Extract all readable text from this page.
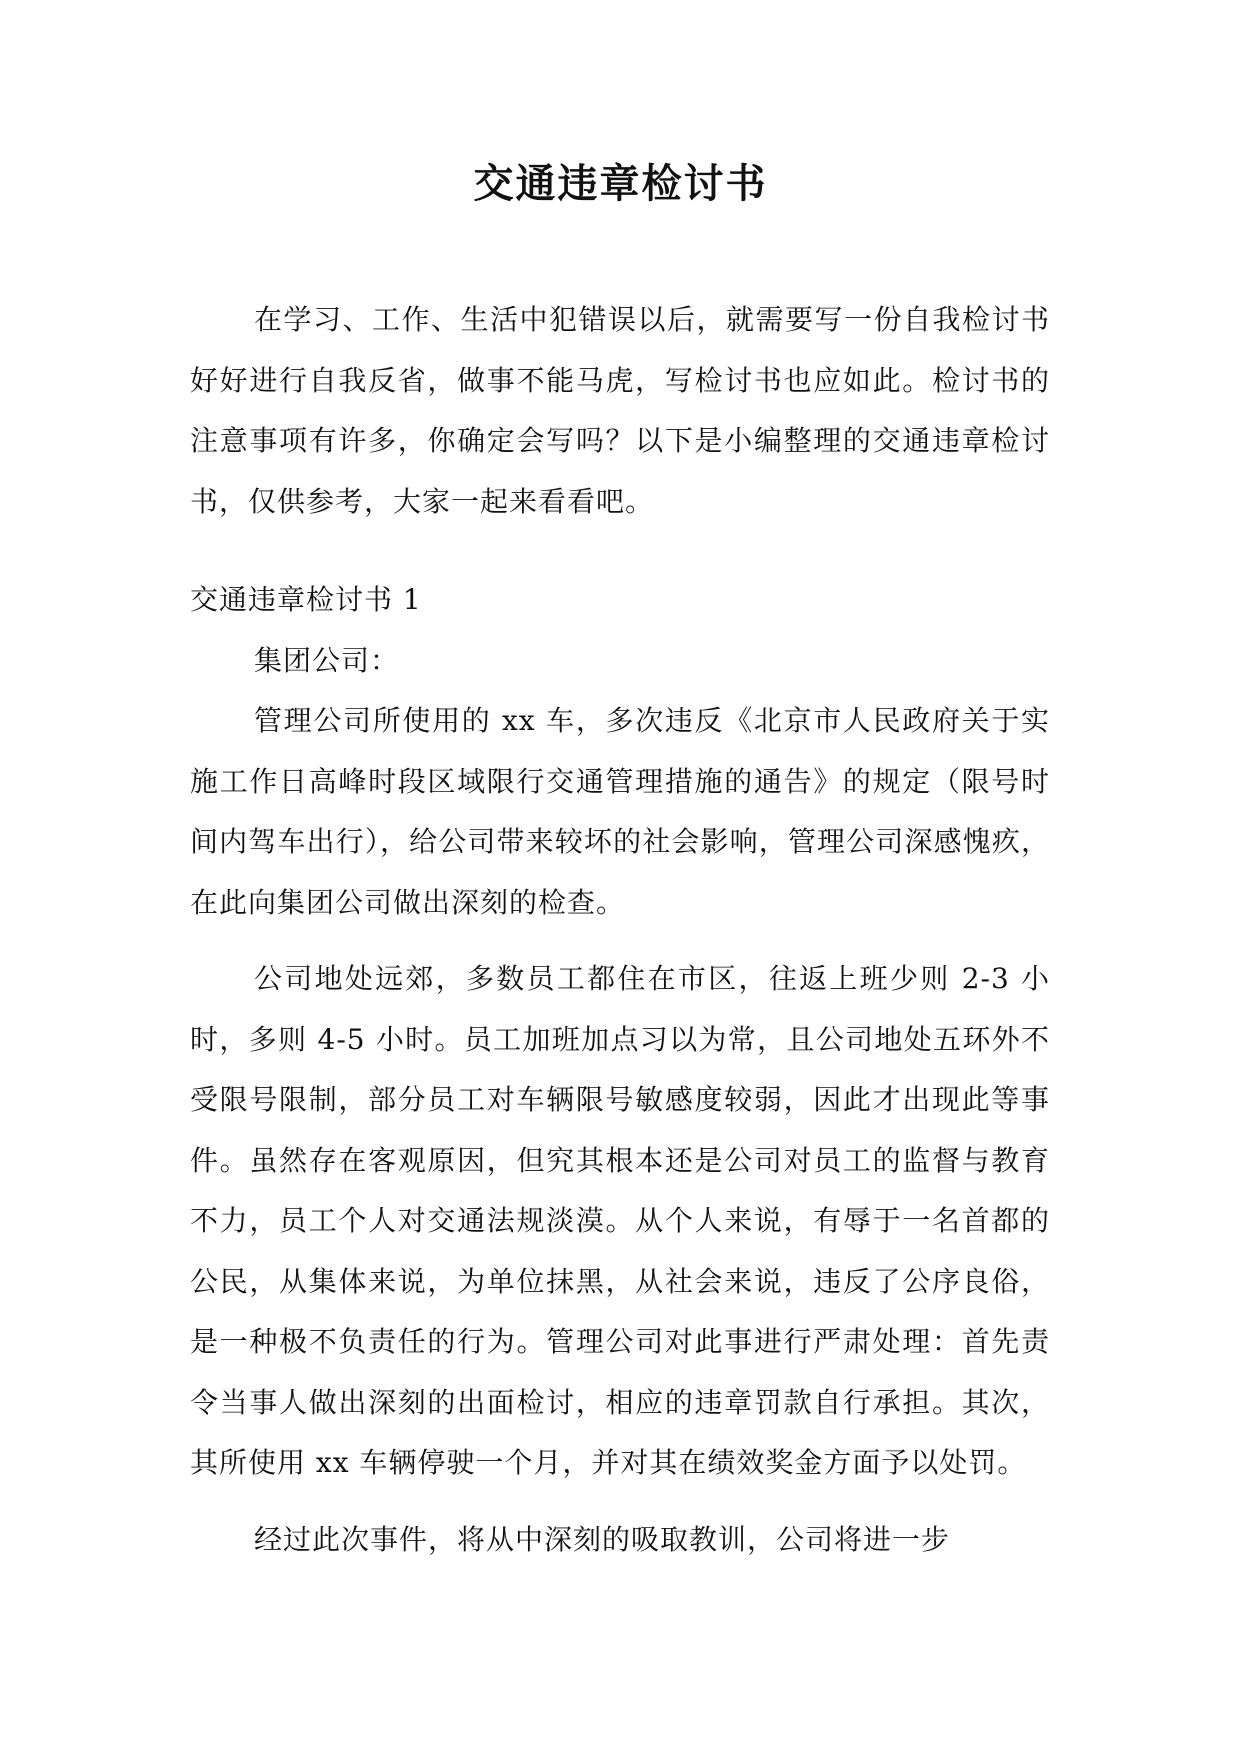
交通违章检讨书

在学习、工作、生活中犯错误以后，就需要写一份自我检讨书好好进行自我反省，做事不能马虎，写检讨书也应如此。检讨书的注意事项有许多，你确定会写吗？以下是小编整理的交通违章检讨书，仅供参考，大家一起来看看吧。

交通违章检讨书 1

集团公司：

管理公司所使用的 xx 车，多次违反《北京市人民政府关于实施工作日高峰时段区域限行交通管理措施的通告》的规定（限号时间内驾车出行），给公司带来较坏的社会影响，管理公司深感愧疚，在此向集团公司做出深刻的检查。

公司地处远郊，多数员工都住在市区，往返上班少则 2-3 小时，多则 4-5 小时。员工加班加点习以为常，且公司地处五环外不受限号限制，部分员工对车辆限号敏感度较弱，因此才出现此等事件。虽然存在客观原因，但究其根本还是公司对员工的监督与教育不力，员工个人对交通法规淡漠。从个人来说，有辱于一名首都的公民，从集体来说，为单位抹黑，从社会来说，违反了公序良俗，是一种极不负责任的行为。管理公司对此事进行严肃处理：首先责令当事人做出深刻的出面检讨，相应的违章罚款自行承担。其次，其所使用 xx 车辆停驶一个月，并对其在绩效奖金方面予以处罚。

经过此次事件，将从中深刻的吸取教训，公司将进一步
